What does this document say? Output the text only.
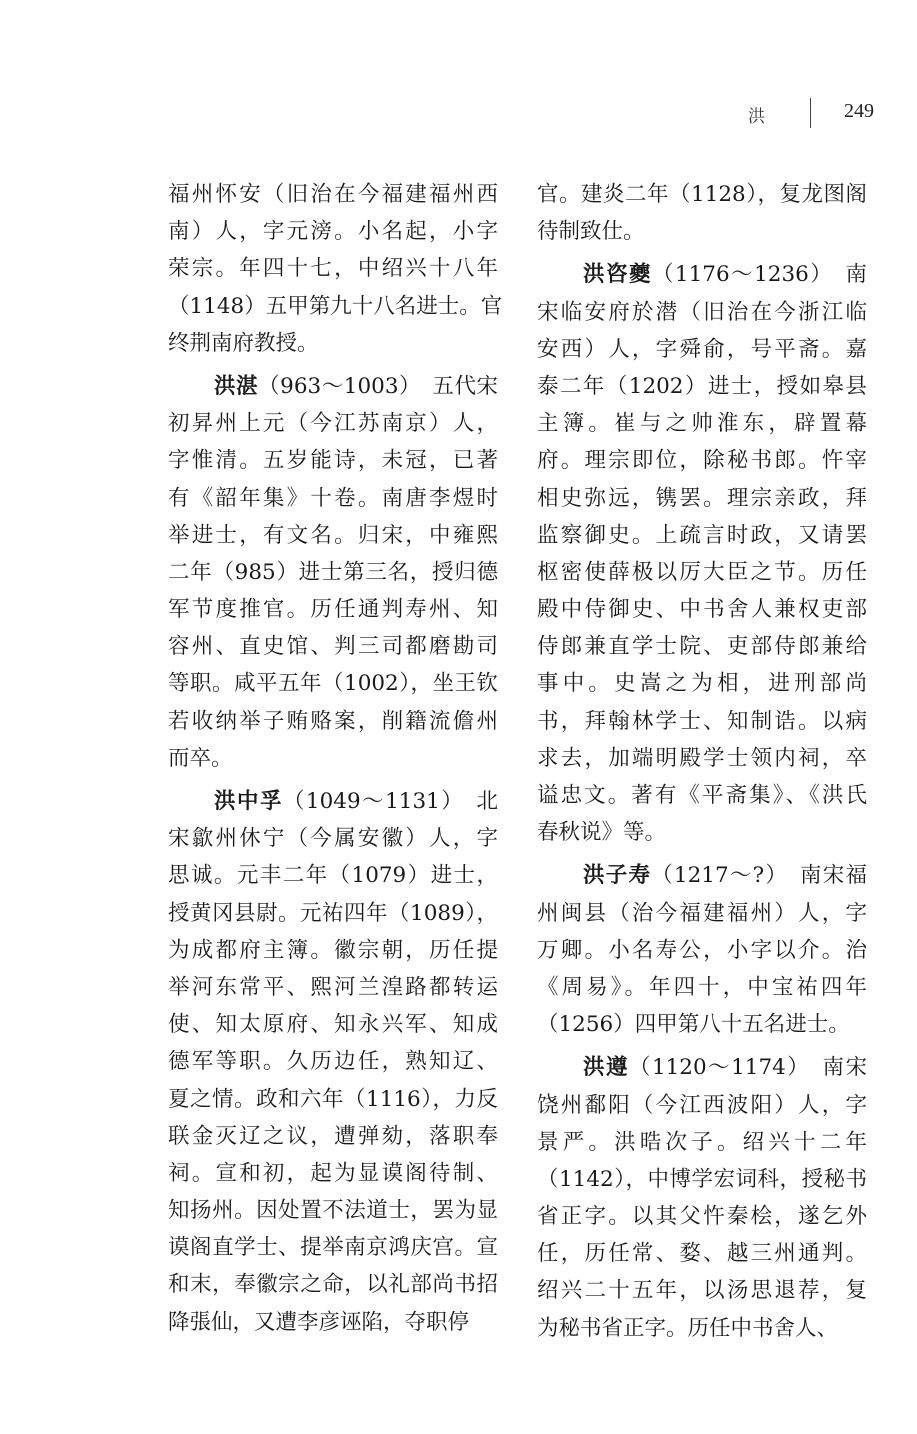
洪	249
福州怀安（旧治在今福建福州西
南）人，字元滂。小名起，小字
荣宗。年四十七，中绍兴十八年
（1148）五甲第九十八名进士。官
终荆南府教授。
洪湛（963～1003）　五代宋
初昇州上元（今江苏南京）人，
字惟清。五岁能诗，未冠，已著
有《韶年集》十卷。南唐李煜时
举进士，有文名。归宋，中雍熙
二年（985）进士第三名，授归德
军节度推官。历任通判寿州、知
容州、直史馆、判三司都磨勘司
等职。咸平五年（1002），坐王钦
若收纳举子贿赂案，削籍流儋州
而卒。
洪中孚（1049～1131）　北
宋歙州休宁（今属安徽）人，字
思诚。元丰二年（1079）进士，
授黄冈县尉。元祐四年（1089），
为成都府主簿。徽宗朝，历任提
举河东常平、熙河兰湟路都转运
使、知太原府、知永兴军、知成
德军等职。久历边任，熟知辽、
夏之情。政和六年（1116），力反
联金灭辽之议，遭弹劾，落职奉
祠。宣和初，起为显谟阁待制、
知扬州。因处置不法道士，罢为显
谟阁直学士、提举南京鸿庆宫。宣
和末，奉徽宗之命，以礼部尚书招
降張仙，又遭李彦诬陷，夺职停
官。建炎二年（1128），复龙图阁
待制致仕。
洪咨夔（1176～1236）　南
宋临安府於潜（旧治在今浙江临
安西）人，字舜俞，号平斋。嘉
泰二年（1202）进士，授如皋县
主簿。崔与之帅淮东，辟置幕
府。理宗即位，除秘书郎。忤宰
相史弥远，镌罢。理宗亲政，拜
监察御史。上疏言时政，又请罢
枢密使薛极以厉大臣之节。历任
殿中侍御史、中书舍人兼权吏部
侍郎兼直学士院、吏部侍郎兼给
事中。史嵩之为相，进刑部尚
书，拜翰林学士、知制诰。以病
求去，加端明殿学士领内祠，卒
谥忠文。著有《平斋集》、《洪氏
春秋说》等。
洪子寿（1217～?）　南宋福
州闽县（治今福建福州）人，字
万卿。小名寿公，小字以介。治
《周易》。年四十，中宝祐四年
（1256）四甲第八十五名进士。
洪遵（1120～1174）　南宋
饶州鄱阳（今江西波阳）人，字
景严。洪晧次子。绍兴十二年
（1142），中博学宏词科，授秘书
省正字。以其父忤秦桧，遂乞外
任，历任常、婺、越三州通判。
绍兴二十五年，以汤思退荐，复
为秘书省正字。历任中书舍人、
